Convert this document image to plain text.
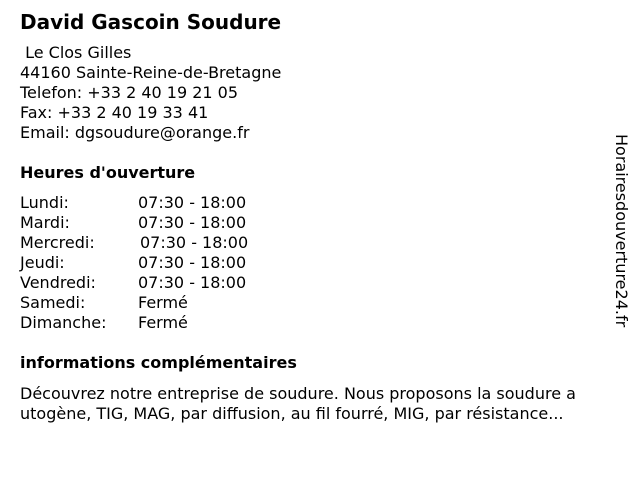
David Gascoin Soudure
Le Clos Gilles
44160 Sainte-Reine-de-Bretagne
Telefon: +33 2 40 19 21 05
Fax: +33 2 40 19 33 41
Email: dgsoudure@orange.fr
Heures d'ouverture
Lundi:	07:30 - 18:00
Mardi:	07:30 - 18:00
Mercredi:	07:30 - 18:00
Jeudi:	07:30 - 18:00
Vendredi:	07:30 - 18:00
Samedi:	Fermé
Dimanche: Fermé
informations complémentaires
Découvrez notre entreprise de soudure. Nous proposons la soudure a
utogène, TIG, MAG, par diffusion, au fil fourré, MIG, par résistance...
Horairesdouverture24.fr
